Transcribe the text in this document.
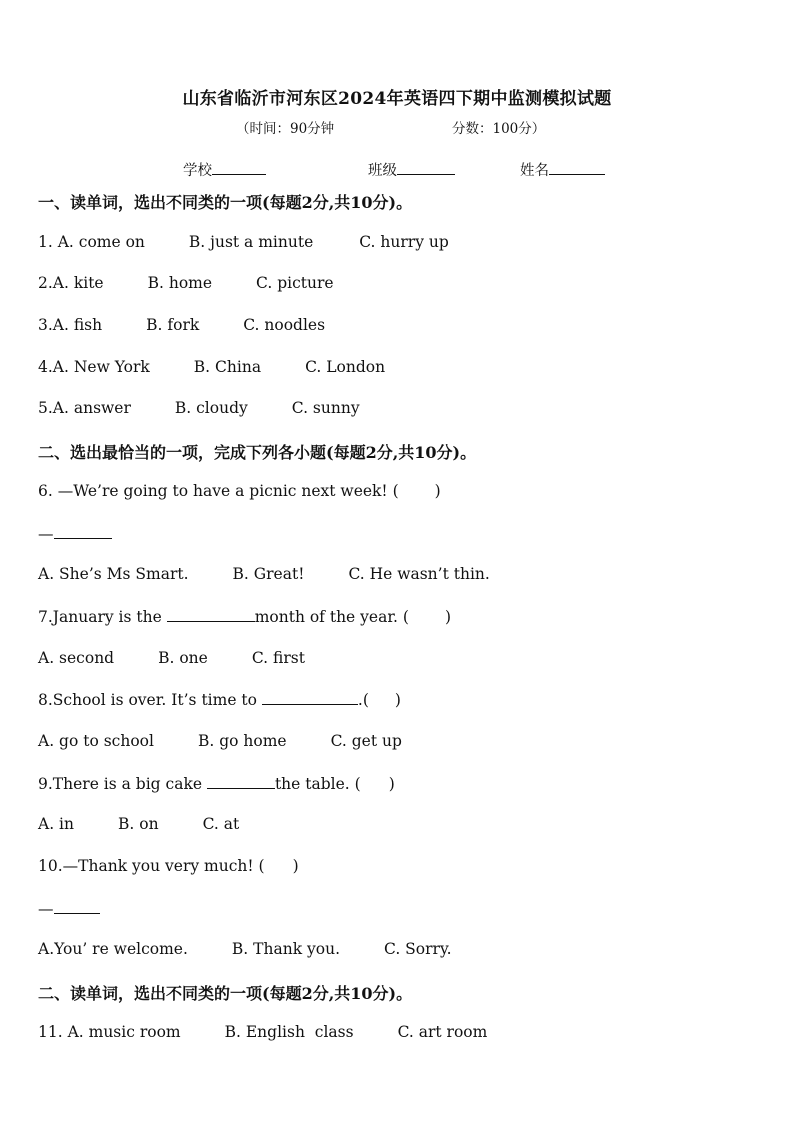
山东省临沂市河东区2024年英语四下期中监测模拟试题
（时间：90分钟	分数：100分）
学校	班级	姓名
一、读单词，选出不同类的一项(每题2分,共10分)。
1. A. come on	B. just a minute	C. hurry up
2.A. kite	B. home	C. picture
3.A. fish	B. fork	C. noodles
4.A. New York	B. China	C. London
5.A. answer	B. cloudy	C. sunny
二、选出最恰当的一项，完成下列各小题(每题2分,共10分)。
6. —We’re going to have a picnic next week! ( )
—
A. She’s Ms Smart.	B. Great!	C. He wasn’t thin.
7.January is the	month of the year. ( )
A. second	B. one	C. first
8.School is over. It’s time to	.( )
A. go to school	B. go home	C. get up
9.There is a big cake	the table. ( )
A. in	B. on	C. at
10.—Thank you very much! ( )
—
A.You’ re welcome.	B. Thank you.	C. Sorry.
二、读单词，选出不同类的一项(每题2分,共10分)。
11. A. music room	B. English  class	C. art room
